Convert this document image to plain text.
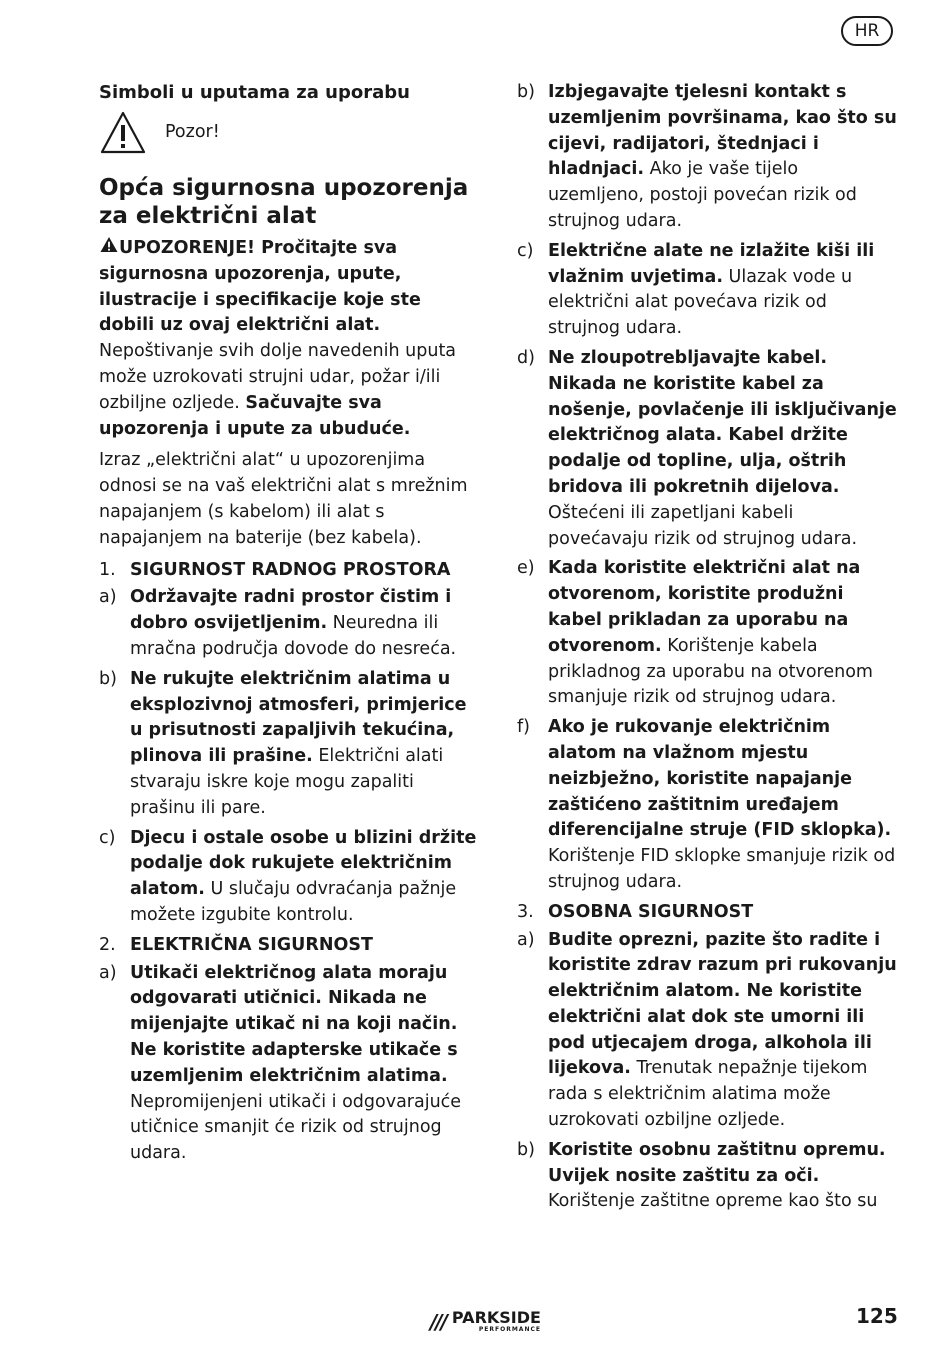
HR
Simboli u uputama za uporabu
Pozor!
Opća sigurnosna upozorenja za električni alat

UPOZORENJE! Pročitajte sva sigurnosna upozorenja, upute, ilustracije i specifikacije koje ste dobili uz ovaj električni alat. Nepoštivanje svih dolje navedenih uputa može uzrokovati strujni udar, požar i/ili ozbiljne ozljede. Sačuvajte sva upozorenja i upute za ubuduće.

Izraz „električni alat“ u upozorenjima odnosi se na vaš električni alat s mrežnim napajanjem (s kabelom) ili alat s napajanjem na baterije (bez kabela).

1. SIGURNOST RADNOG PROSTORA
a) Održavajte radni prostor čistim i dobro osvijetljenim. Neuredna ili mračna područja dovode do nesreća.
b) Ne rukujte električnim alatima u eksplozivnoj atmosferi, primjerice u prisutnosti zapaljivih tekućina, plinova ili prašine. Električni alati stvaraju iskre koje mogu zapaliti prašinu ili pare.
c) Djecu i ostale osobe u blizini držite podalje dok rukujete električnim alatom. U slučaju odvraćanja pažnje možete izgubite kontrolu.
2. ELEKTRIČNA SIGURNOST
a) Utikači električnog alata moraju odgovarati utičnici. Nikada ne mijenjajte utikač ni na koji način. Ne koristite adapterske utikače s uzemljenim električnim alatima. Nepromijenjeni utikači i odgovarajuće utičnice smanjit će rizik od strujnog udara.
b) Izbjegavajte tjelesni kontakt s uzemljenim površinama, kao što su cijevi, radijatori, štednjaci i hladnjaci. Ako je vaše tijelo uzemljeno, postoji povećan rizik od strujnog udara.
c) Električne alate ne izlažite kiši ili vlažnim uvjetima. Ulazak vode u električni alat povećava rizik od strujnog udara.
d) Ne zloupotrebljavajte kabel. Nikada ne koristite kabel za nošenje, povlačenje ili isključivanje električnog alata. Kabel držite podalje od topline, ulja, oštrih bridova ili pokretnih dijelova. Oštećeni ili zapetljani kabeli povećavaju rizik od strujnog udara.
e) Kada koristite električni alat na otvorenom, koristite produžni kabel prikladan za uporabu na otvorenom. Korištenje kabela prikladnog za uporabu na otvorenom smanjuje rizik od strujnog udara.
f)	Ako je rukovanje električnim alatom na vlažnom mjestu neizbježno, koristite napajanje zaštićeno zaštitnim uređajem diferencijalne struje (FID sklopka). Korištenje FID sklopke smanjuje rizik od strujnog udara.
3. OSOBNA SIGURNOST
a) Budite oprezni, pazite što radite i koristite zdrav razum pri rukovanju električnim alatom. Ne koristite električni alat dok ste umorni ili pod utjecajem droga, alkohola ili lijekova. Trenutak nepažnje tijekom rada s električnim alatima može uzrokovati ozbiljne ozljede.
b) Koristite osobnu zaštitnu opremu. Uvijek nosite zaštitu za oči. Korištenje zaštitne opreme kao što su
/// PARKSIDE
PERFORMANCE
125
